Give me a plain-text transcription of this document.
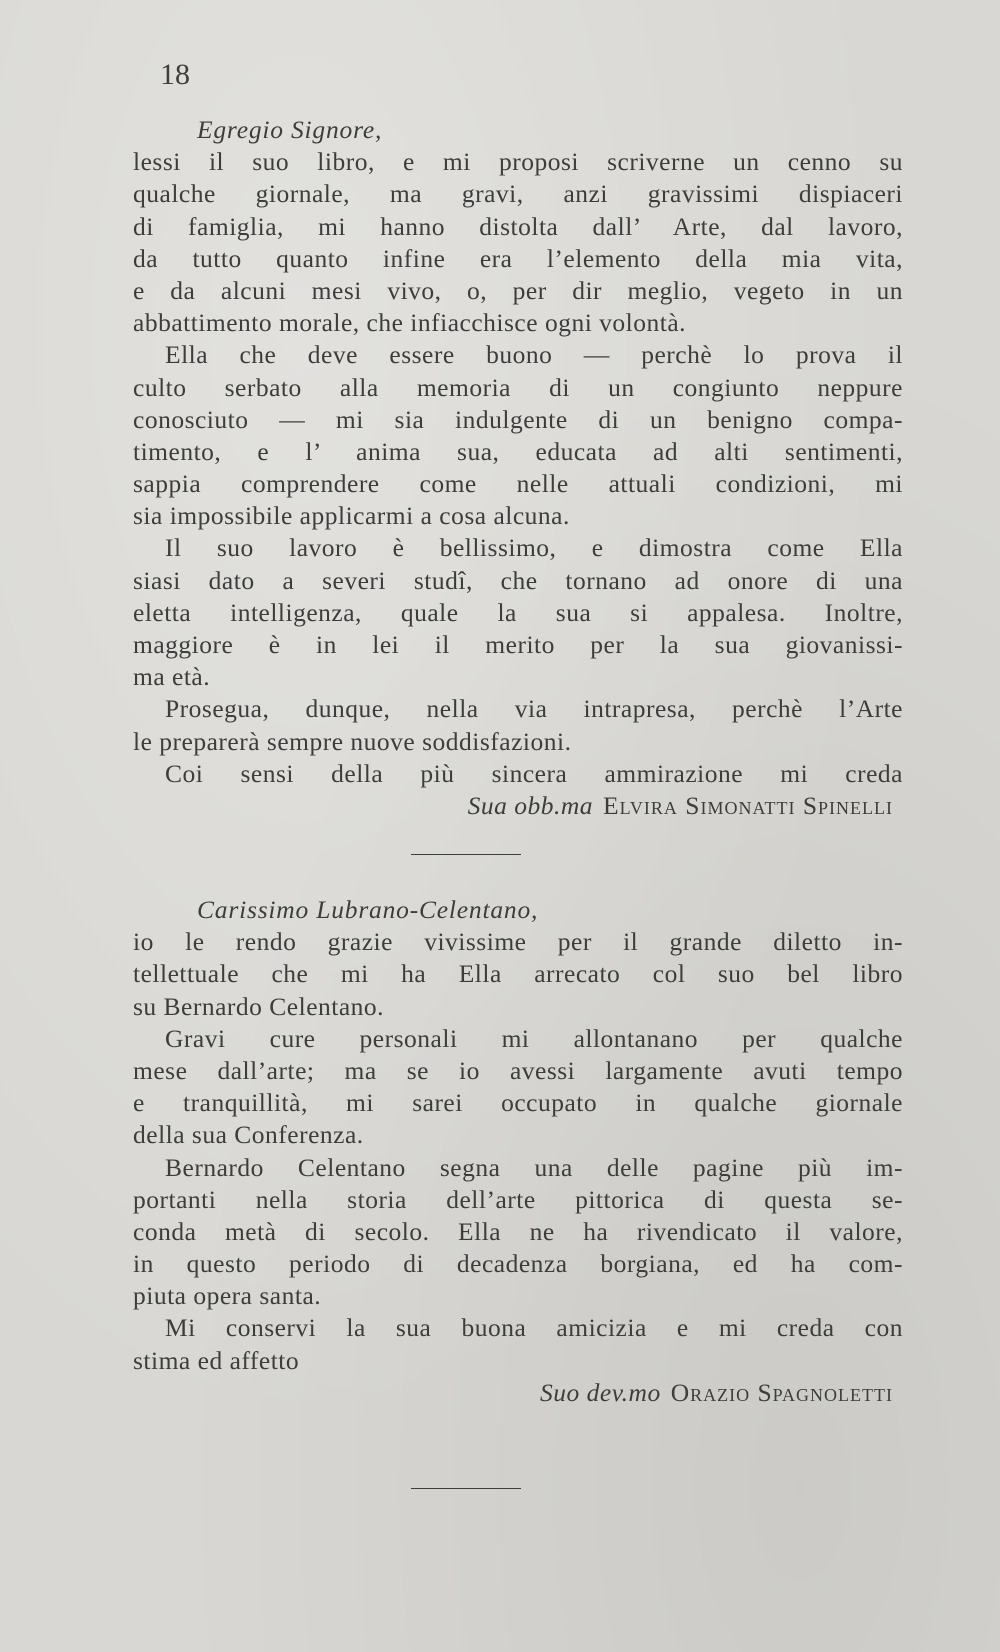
18
Egregio Signore,
lessi il suo libro, e mi proposi scriverne un cenno su
qualche giornale, ma gravi, anzi gravissimi dispiaceri
di famiglia, mi hanno distolta dall’ Arte, dal lavoro,
da tutto quanto infine era l’elemento della mia vita,
e da alcuni mesi vivo, o, per dir meglio, vegeto in un
abbattimento morale, che infiacchisce ogni volontà.
Ella che deve essere buono — perchè lo prova il
culto serbato alla memoria di un congiunto neppure
conosciuto — mi sia indulgente di un benigno compa-
timento, e l’ anima sua, educata ad alti sentimenti,
sappia comprendere come nelle attuali condizioni, mi
sia impossibile applicarmi a cosa alcuna.
Il suo lavoro è bellissimo, e dimostra come Ella
siasi dato a severi studî, che tornano ad onore di una
eletta intelligenza, quale la sua si appalesa. Inoltre,
maggiore è in lei il merito per la sua giovanissi-
ma età.
Prosegua, dunque, nella via intrapresa, perchè l’Arte
le preparerà sempre nuove soddisfazioni.
Coi sensi della più sincera ammirazione mi creda
Sua obb.ma Elvira Simonatti Spinelli
Carissimo Lubrano-Celentano,
io le rendo grazie vivissime per il grande diletto in-
tellettuale che mi ha Ella arrecato col suo bel libro
su Bernardo Celentano.
Gravi cure personali mi allontanano per qualche
mese dall’arte; ma se io avessi largamente avuti tempo
e tranquillità, mi sarei occupato in qualche giornale
della sua Conferenza.
Bernardo Celentano segna una delle pagine più im-
portanti nella storia dell’arte pittorica di questa se-
conda metà di secolo. Ella ne ha rivendicato il valore,
in questo periodo di decadenza borgiana, ed ha com-
piuta opera santa.
Mi conservi la sua buona amicizia e mi creda con
stima ed affetto
Suo dev.mo Orazio Spagnoletti
